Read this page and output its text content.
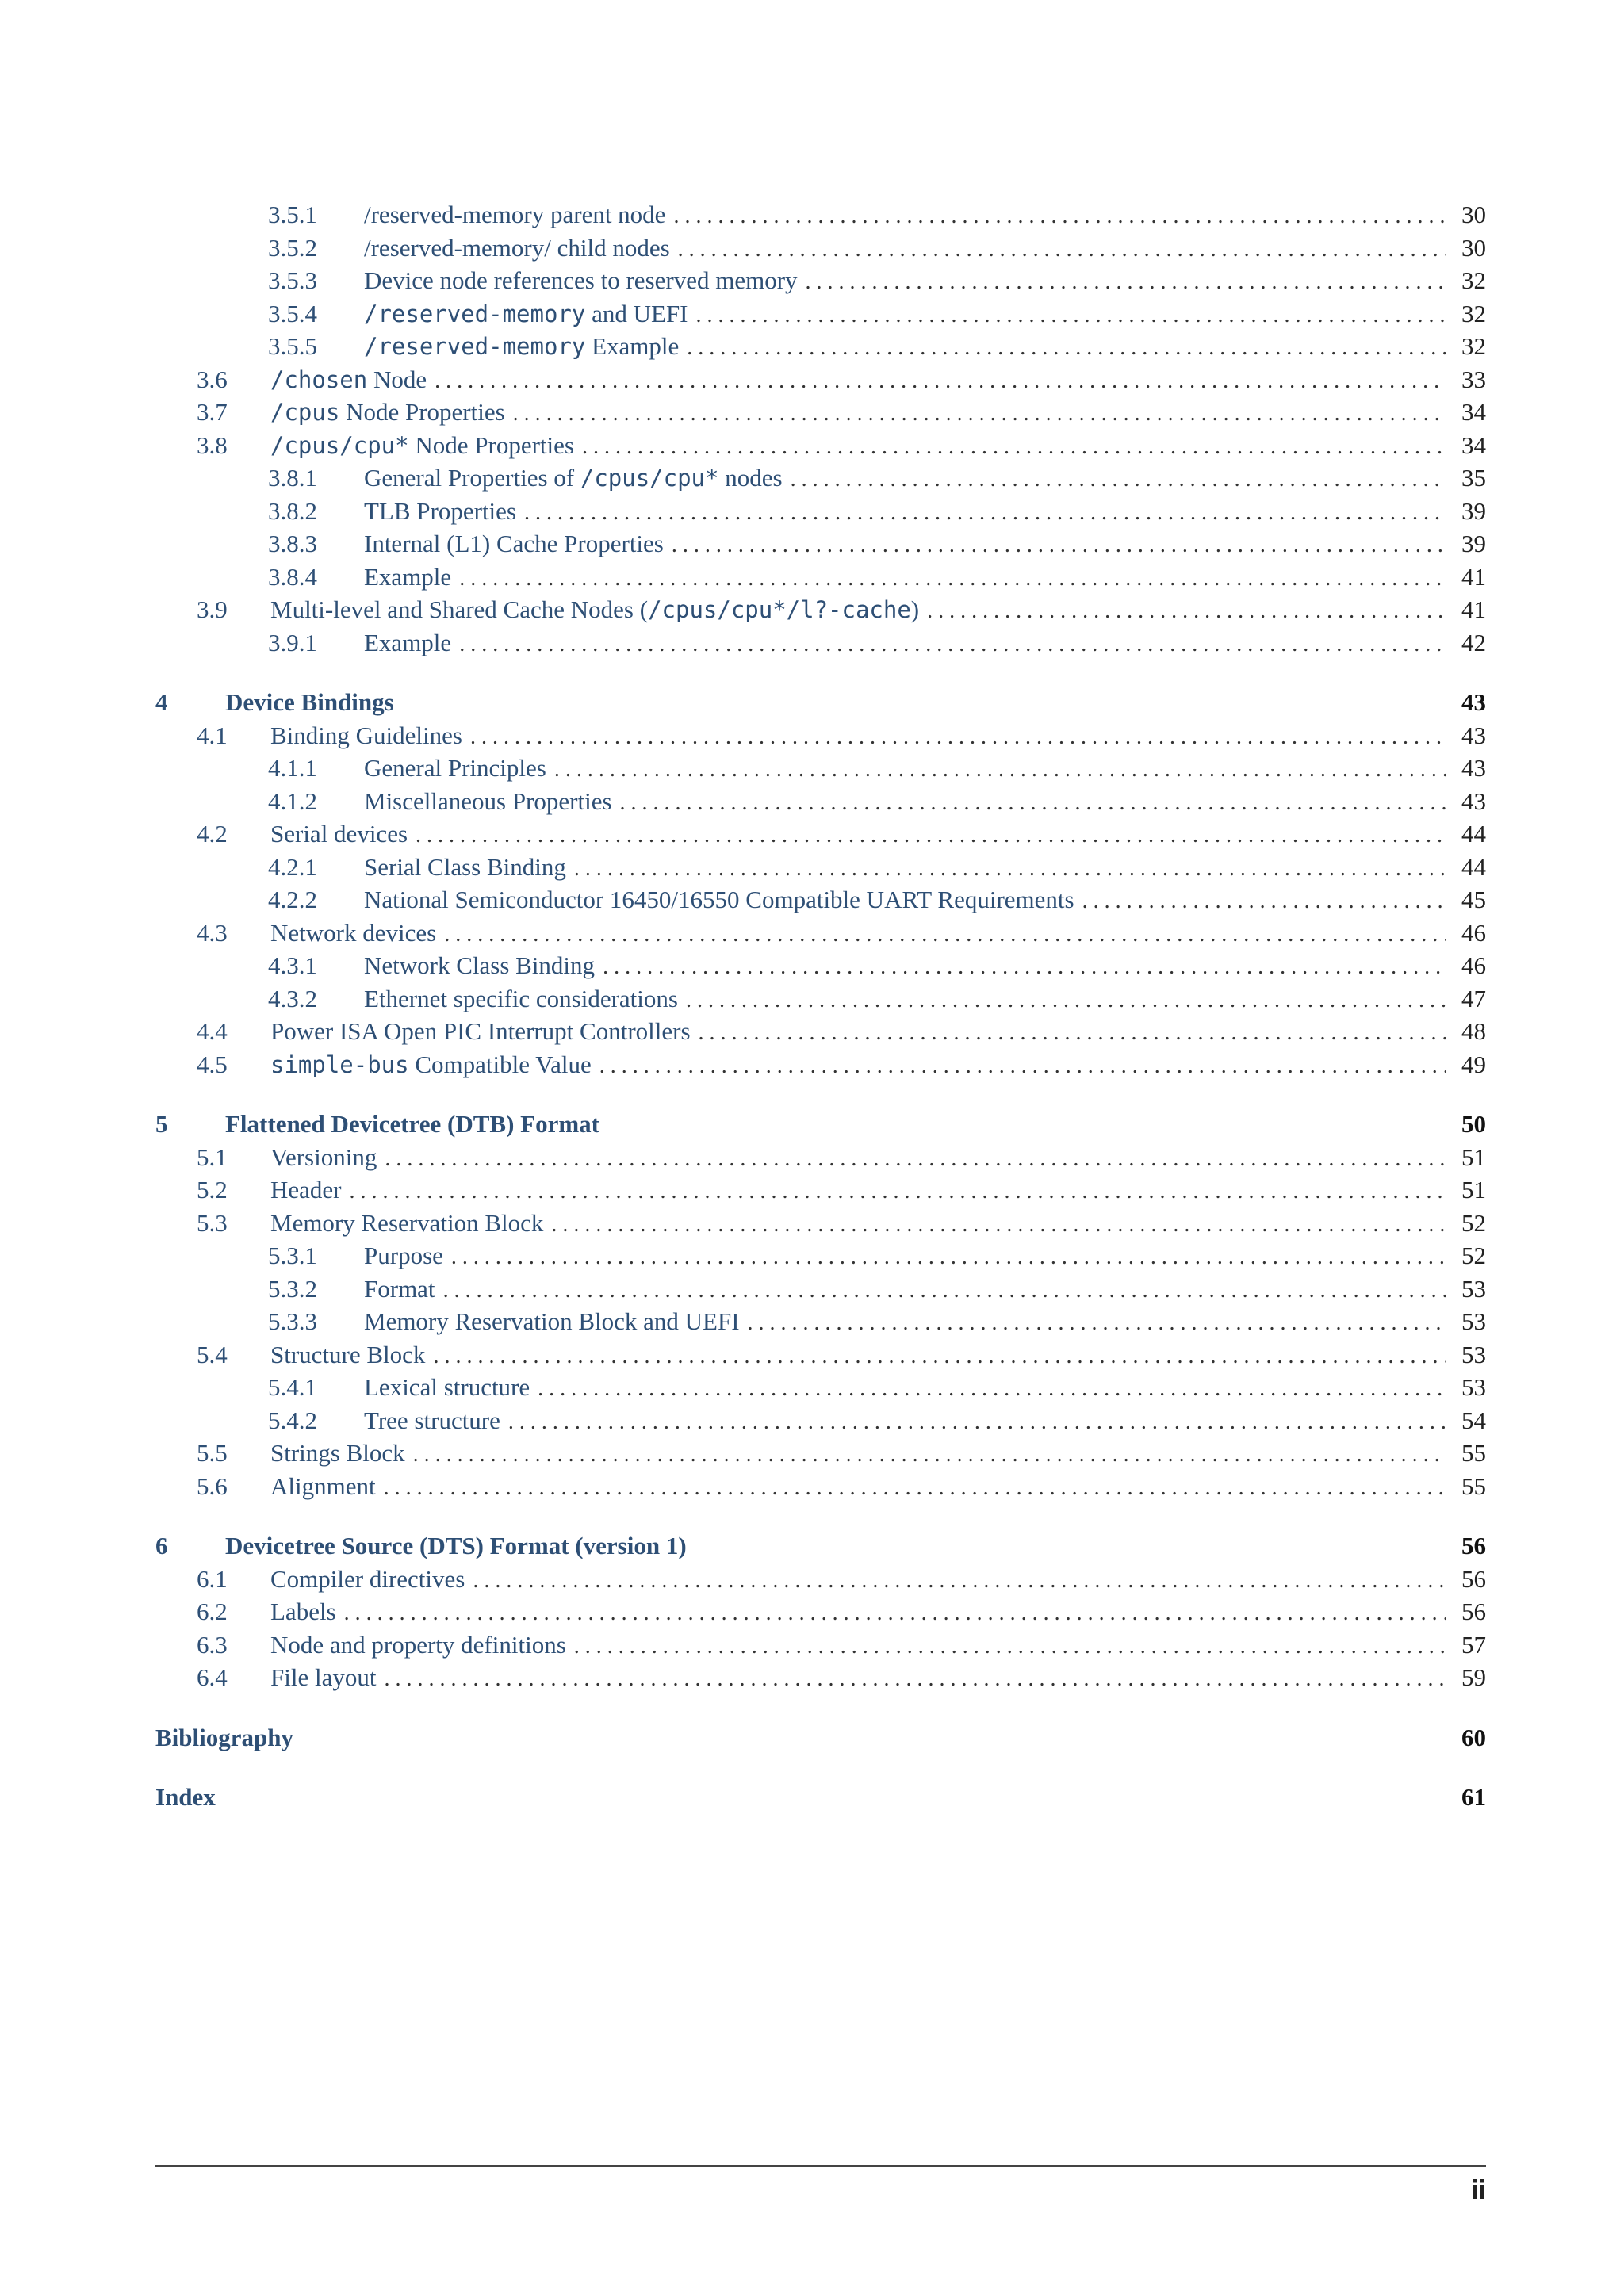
3.5.1	/reserved-memory parent node . . .	30
3.5.2	/reserved-memory/ child nodes . . .	30
3.5.3	Device node references to reserved memory . . .	32
3.5.4	/reserved-memory and UEFI . . .	32
3.5.5	/reserved-memory Example . . .	32
3.6	/chosen Node . . .	33
3.7	/cpus Node Properties . . .	34
3.8	/cpus/cpu* Node Properties . . .	34
3.8.1	General Properties of /cpus/cpu* nodes . . .	35
3.8.2	TLB Properties . . .	39
3.8.3	Internal (L1) Cache Properties . . .	39
3.8.4	Example . . .	41
3.9	Multi-level and Shared Cache Nodes (/cpus/cpu*/l?-cache) . . .	41
3.9.1	Example . . .	42
4	Device Bindings	43
4.1	Binding Guidelines . . .	43
4.1.1	General Principles . . .	43
4.1.2	Miscellaneous Properties . . .	43
4.2	Serial devices . . .	44
4.2.1	Serial Class Binding . . .	44
4.2.2	National Semiconductor 16450/16550 Compatible UART Requirements . . .	45
4.3	Network devices . . .	46
4.3.1	Network Class Binding . . .	46
4.3.2	Ethernet specific considerations . . .	47
4.4	Power ISA Open PIC Interrupt Controllers . . .	48
4.5	simple-bus Compatible Value . . .	49
5	Flattened Devicetree (DTB) Format	50
5.1	Versioning . . .	51
5.2	Header . . .	51
5.3	Memory Reservation Block . . .	52
5.3.1	Purpose . . .	52
5.3.2	Format . . .	53
5.3.3	Memory Reservation Block and UEFI . . .	53
5.4	Structure Block . . .	53
5.4.1	Lexical structure . . .	53
5.4.2	Tree structure . . .	54
5.5	Strings Block . . .	55
5.6	Alignment . . .	55
6	Devicetree Source (DTS) Format (version 1)	56
6.1	Compiler directives . . .	56
6.2	Labels . . .	56
6.3	Node and property definitions . . .	57
6.4	File layout . . .	59
Bibliography	60
Index	61
ii
